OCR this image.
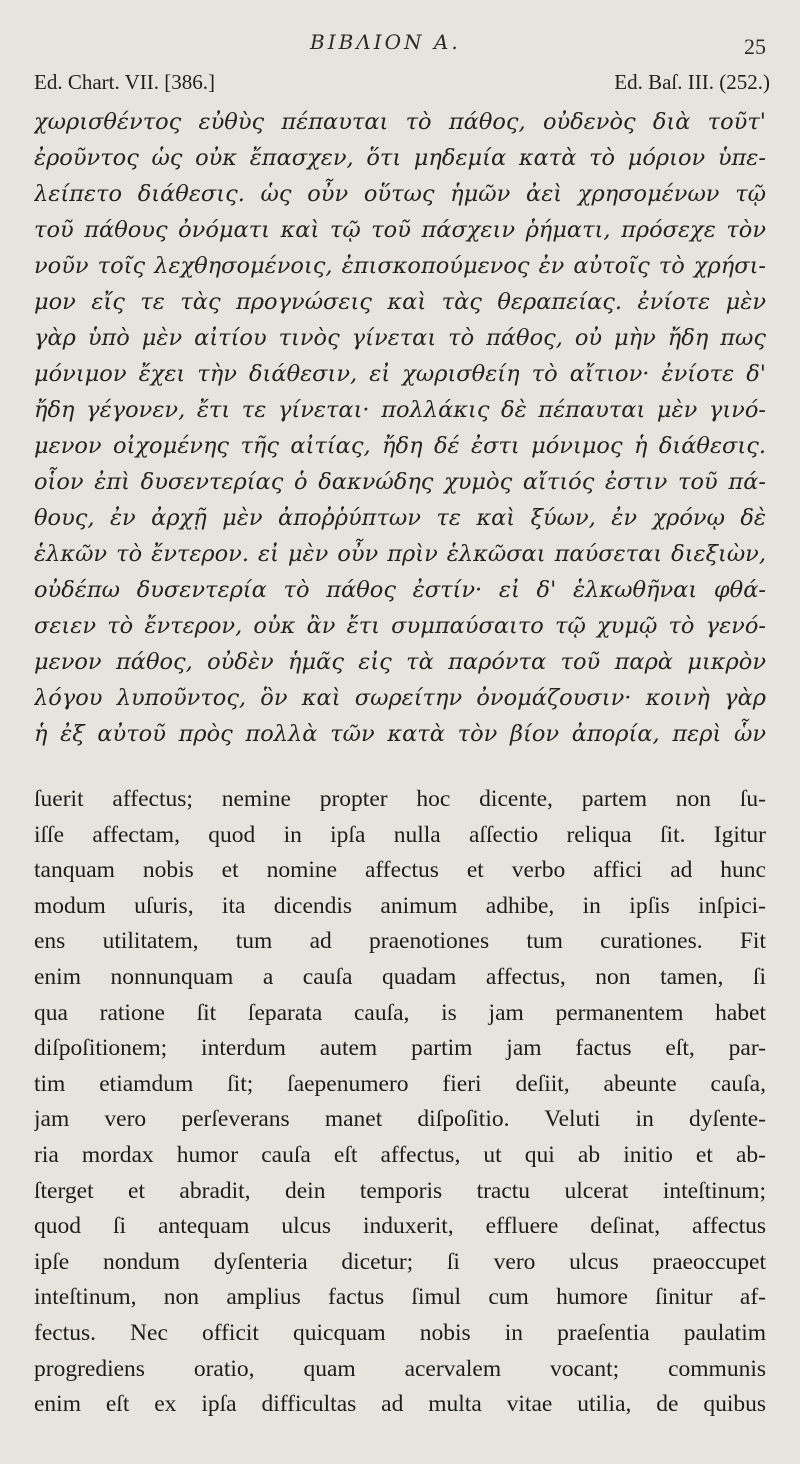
ΒΙΒΛΙΟΝ Α.	25
Ed. Chart. VII. [386.]	Ed. Baſ. III. (252.)
χωρισθέντος εὐθὺς πέπαυται τὸ πάθος, οὐδενὸς διὰ τοῦτ'
ἐροῦντος ὡς οὐκ ἔπασχεν, ὅτι μηδεμία κατὰ τὸ μόριον ὑπε-
λείπετο διάθεσις. ὡς οὖν οὕτως ἡμῶν ἀεὶ χρησομένων τῷ
τοῦ πάθους ὀνόματι καὶ τῷ τοῦ πάσχειν ῥήματι, πρόσεχε τὸν
νοῦν τοῖς λεχθησομένοις, ἐπισκοπούμενος ἐν αὐτοῖς τὸ χρήσι-
μον εἴς τε τὰς προγνώσεις καὶ τὰς θεραπείας. ἐνίοτε μὲν
γὰρ ὑπὸ μὲν αἰτίου τινὸς γίνεται τὸ πάθος, οὐ μὴν ἤδη πως
μόνιμον ἔχει τὴν διάθεσιν, εἰ χωρισθείη τὸ αἴτιον· ἐνίοτε δ'
ἤδη γέγονεν, ἔτι τε γίνεται· πολλάκις δὲ πέπαυται μὲν γινό-
μενον οἰχομένης τῆς αἰτίας, ἤδη δέ ἐστι μόνιμος ἡ διάθεσις.
οἷον ἐπὶ δυσεντερίας ὁ δακνώδης χυμὸς αἴτιός ἐστιν τοῦ πά-
θους, ἐν ἀρχῇ μὲν ἀποῤῥύπτων τε καὶ ξύων, ἐν χρόνῳ δὲ
ἑλκῶν τὸ ἔντερον. εἰ μὲν οὖν πρὶν ἑλκῶσαι παύσεται διεξιὼν,
οὐδέπω δυσεντερία τὸ πάθος ἐστίν· εἰ δ' ἑλκωθῆναι φθά-
σειεν τὸ ἔντερον, οὐκ ἂν ἔτι συμπαύσαιτο τῷ χυμῷ τὸ γενό-
μενον πάθος, οὐδὲν ἡμᾶς εἰς τὰ παρόντα τοῦ παρὰ μικρὸν
λόγου λυποῦντος, ὃν καὶ σωρείτην ὀνομάζουσιν· κοινὴ γὰρ
ἡ ἐξ αὐτοῦ πρὸς πολλὰ τῶν κατὰ τὸν βίον ἀπορία, περὶ ὧν
ſuerit affectus; nemine propter hoc dicente, partem non ſu-
iſſe affectam, quod in ipſa nulla aſſectio reliqua ſit. Igitur
tanquam nobis et nomine affectus et verbo affici ad hunc
modum uſuris, ita dicendis animum adhibe, in ipſis inſpici-
ens utilitatem, tum ad praenotiones tum curationes. Fit
enim nonnunquam a cauſa quadam affectus, non tamen, ſi
qua ratione ſit ſeparata cauſa, is jam permanentem habet
diſpoſitionem; interdum autem partim jam factus eſt, par-
tim etiamdum ſit; ſaepenumero fieri deſiit, abeunte cauſa,
jam vero perſeverans manet diſpoſitio. Veluti in dyſente-
ria mordax humor cauſa eſt affectus, ut qui ab initio et ab-
ſterget et abradit, dein temporis tractu ulcerat inteſtinum;
quod ſi antequam ulcus induxerit, effluere deſinat, affectus
ipſe nondum dyſenteria dicetur; ſi vero ulcus praeoccupet
inteſtinum, non amplius factus ſimul cum humore ſinitur af-
fectus. Nec officit quicquam nobis in praeſentia paulatim
progrediens oratio, quam acervalem vocant; communis
enim eſt ex ipſa difficultas ad multa vitae utilia, de quibus
